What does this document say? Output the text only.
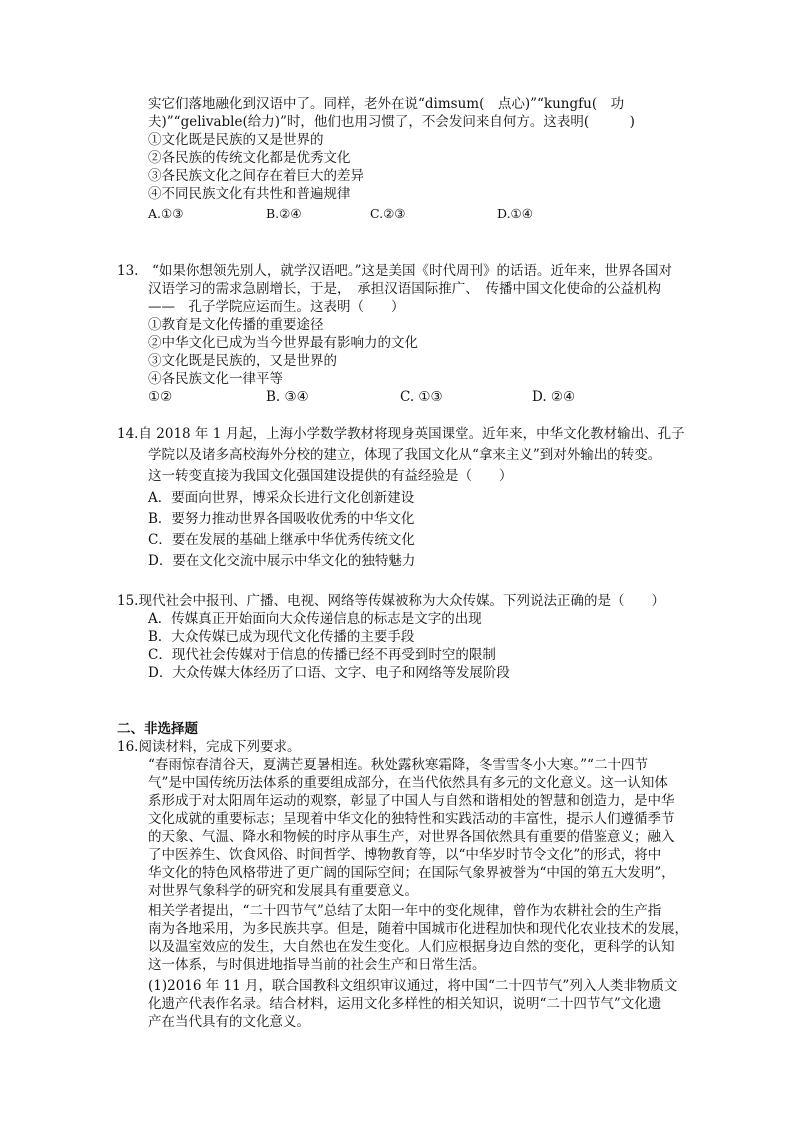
实它们落地融化到汉语中了。同样，老外在说“dimsum(　点心)”“kungfu(　功
夫)”“gelivable(给力)”时，他们也用习惯了，不会发问来自何方。这表明(　　　)
①文化既是民族的又是世界的
②各民族的传统文化都是优秀文化
③各民族文化之间存在着巨大的差异
④不同民族文化有共性和普遍规律
A.①③	B.②④	C.②③	D.①④
13.　“如果你想领先别人，就学汉语吧。”这是美国《时代周刊》的话语。近年来，世界各国对
汉语学习的需求急剧增长，于是，　承担汉语国际推广、　传播中国文化使命的公益机构
——　孔子学院应运而生。这表明（　　）
①教育是文化传播的重要途径
②中华文化已成为当今世界最有影响力的文化
③文化既是民族的，又是世界的
④各民族文化一律平等
①②	B. ③④	C. ①③	D. ②④
14.自 2018 年 1 月起，上海小学数学教材将现身英国课堂。近年来，中华文化教材输出、孔子
学院以及诸多高校海外分校的建立，体现了我国文化从“拿来主义”到对外输出的转变。
这一转变直接为我国文化强国建设提供的有益经验是（　　）
A．要面向世界，博采众长进行文化创新建设
B．要努力推动世界各国吸收优秀的中华文化
C．要在发展的基础上继承中华优秀传统文化
D．要在文化交流中展示中华文化的独特魅力
15.现代社会中报刊、广播、电视、网络等传媒被称为大众传媒。下列说法正确的是（　　）
A．传媒真正开始面向大众传递信息的标志是文字的出现
B．大众传媒已成为现代文化传播的主要手段
C．现代社会传媒对于信息的传播已经不再受到时空的限制
D．大众传媒大体经历了口语、文字、电子和网络等发展阶段
二、非选择题
16.阅读材料，完成下列要求。
“春雨惊春清谷天，夏满芒夏暑相连。秋处露秋寒霜降，冬雪雪冬小大寒。”“二十四节
气”是中国传统历法体系的重要组成部分，在当代依然具有多元的文化意义。这一认知体
系形成于对太阳周年运动的观察，彰显了中国人与自然和谐相处的智慧和创造力，是中华
文化成就的重要标志；呈现着中华文化的独特性和实践活动的丰富性，提示人们遵循季节
的天象、气温、降水和物候的时序从事生产，对世界各国依然具有重要的借鉴意义；融入
了中医养生、饮食风俗、时间哲学、博物教育等，以“中华岁时节令文化”的形式，将中
华文化的特色风格带进了更广阔的国际空间；在国际气象界被誉为“中国的第五大发明”，
对世界气象科学的研究和发展具有重要意义。
相关学者提出，“二十四节气”总结了太阳一年中的变化规律，曾作为农耕社会的生产指
南为各地采用，为多民族共享。但是，随着中国城市化进程加快和现代化农业技术的发展，
以及温室效应的发生，大自然也在发生变化。人们应根据身边自然的变化，更科学的认知
这一体系，与时俱进地指导当前的社会生产和日常生活。
(1)2016 年 11 月，联合国教科文组织审议通过，将中国“二十四节气”列入人类非物质文
化遗产代表作名录。结合材料，运用文化多样性的相关知识，说明“二十四节气”文化遗
产在当代具有的文化意义。
